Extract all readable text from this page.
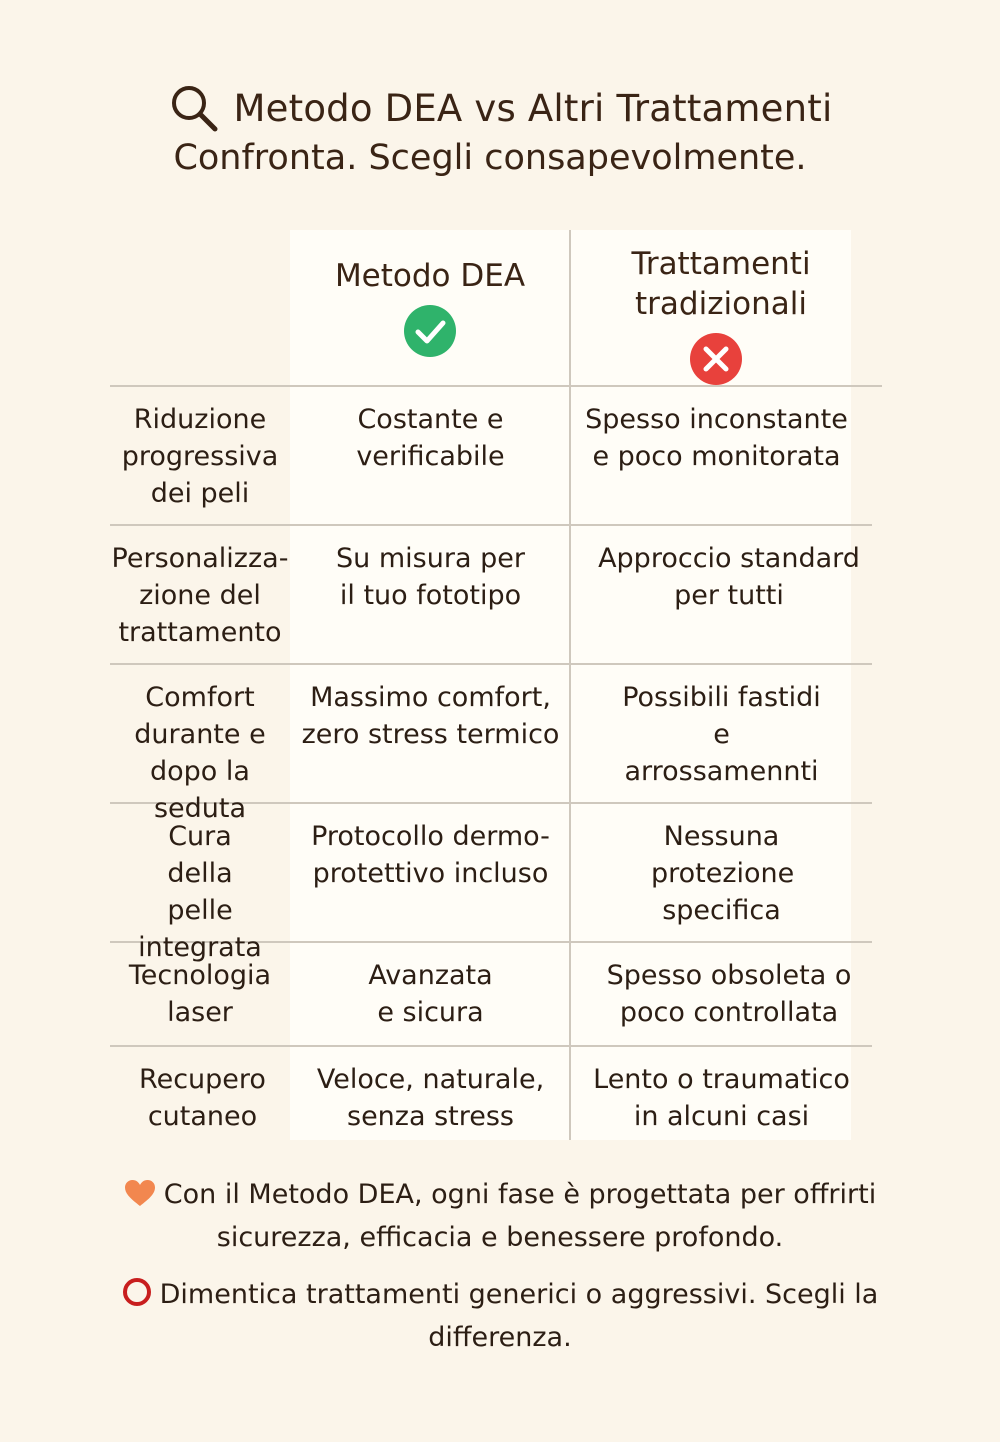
Metodo DEA vs Altri Trattamenti
Confronta. Scegli consapevolmente.
Metodo DEA	Trattamenti tradizionali
Riduzione progressiva dei peli
Costante e verificabile
Spesso inconstante e poco monitorata
Personalizza-zione del trattamento
Su misura per il tuo fototipo
Approccio standard per tutti
Comfort durante e dopo la seduta
Massimo comfort, zero stress termico
Possibili fastidi e arrossamennti
Cura della pelle integrata
Protocollo dermo-protettivo incluso
Nessuna protezione specifica
Tecnologia laser
Avanzata e sicura
Spesso obsoleta o poco controllata
Recupero cutaneo
Veloce, naturale, senza stress
Lento o traumatico in alcuni casi
Con il Metodo DEA, ogni fase è progettata per offrirti sicurezza, efficacia e benessere profondo.
Dimentica trattamenti generici o aggressivi. Scegli la differenza.
